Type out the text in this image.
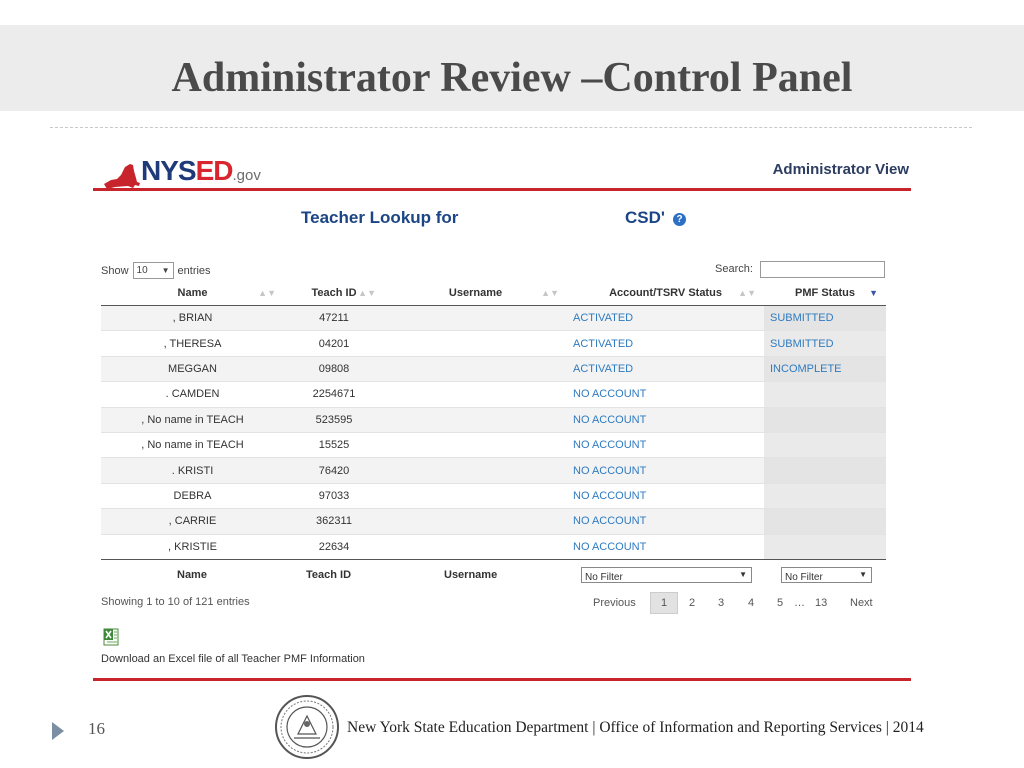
Administrator Review –Control Panel
NYSED.gov	Administrator View
Teacher Lookup for	CSD'	?
Show 10 ▼ entries	Search:
Name ▲▼	Teach ID ▲▼	Username ▲▼	Account/TSRV Status ▲▼	PMF Status ▼

, BRIAN	47211		ACTIVATED	SUBMITTED
, THERESA	04201		ACTIVATED	SUBMITTED
MEGGAN	09808		ACTIVATED	INCOMPLETE
. CAMDEN	2254671		NO ACCOUNT	
, No name in TEACH	523595		NO ACCOUNT	
, No name in TEACH	15525		NO ACCOUNT	
. KRISTI	76420		NO ACCOUNT	
DEBRA	97033		NO ACCOUNT	
, CARRIE	362311		NO ACCOUNT	
, KRISTIE	22634		NO ACCOUNT	
Name	Teach ID	Username	No Filter	▼	No Filter	▼
Showing 1 to 10 of 121 entries	Previous	1	2 3 4 5 … 13 Next
Download an Excel file of all Teacher PMF Information
16	New York State Education Department | Office of Information and Reporting Services | 2014
